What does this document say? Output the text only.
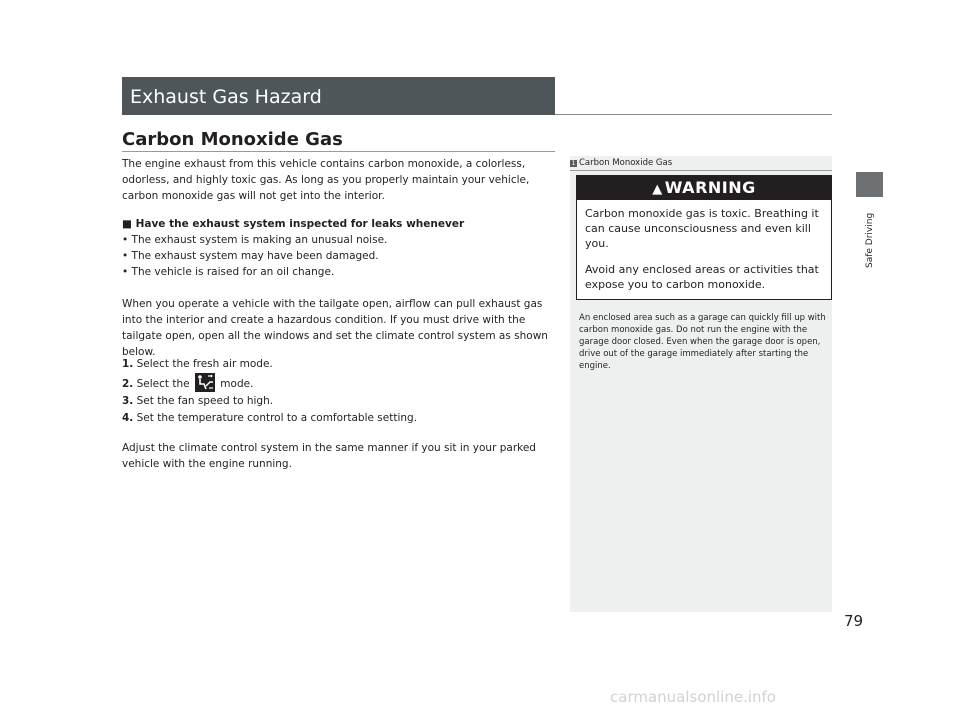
Exhaust Gas Hazard
Safe Driving
Carbon Monoxide Gas
The engine exhaust from this vehicle contains carbon monoxide, a colorless, odorless, and highly toxic gas. As long as you properly maintain your vehicle, carbon monoxide gas will not get into the interior.
■ Have the exhaust system inspected for leaks whenever
• The exhaust system is making an unusual noise.
• The exhaust system may have been damaged.
• The vehicle is raised for an oil change.
When you operate a vehicle with the tailgate open, airflow can pull exhaust gas into the interior and create a hazardous condition. If you must drive with the tailgate open, open all the windows and set the climate control system as shown below.
1. Select the fresh air mode.
2. Select the	mode.
3. Set the fan speed to high.
4. Set the temperature control to a comfortable setting.
Adjust the climate control system in the same manner if you sit in your parked vehicle with the engine running.
1 Carbon Monoxide Gas
▲ WARNING
Carbon monoxide gas is toxic. Breathing it can cause unconsciousness and even kill you.
Avoid any enclosed areas or activities that expose you to carbon monoxide.
An enclosed area such as a garage can quickly fill up with carbon monoxide gas. Do not run the engine with the garage door closed. Even when the garage door is open, drive out of the garage immediately after starting the engine.
79
carmanualsonline.info
